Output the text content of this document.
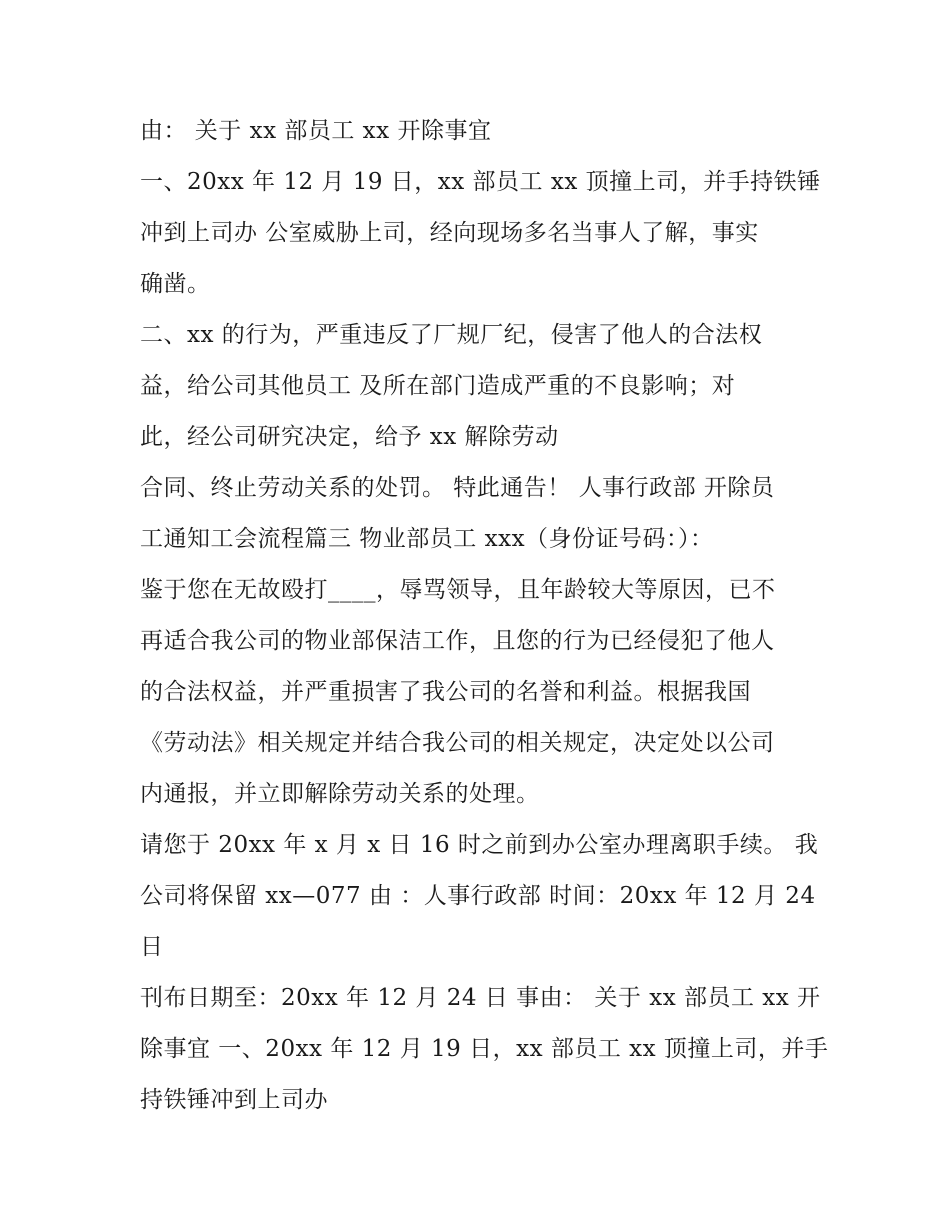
由： 关于 xx 部员工 xx 开除事宜
一、20xx 年 12 月 19 日，xx 部员工 xx 顶撞上司，并手持铁锤
冲到上司办 公室威胁上司，经向现场多名当事人了解，事实
确凿。
二、xx 的行为，严重违反了厂规厂纪，侵害了他人的合法权
益，给公司其他员工 及所在部门造成严重的不良影响；对
此，经公司研究决定，给予 xx 解除劳动
合同、终止劳动关系的处罚。 特此通告！ 人事行政部 开除员
工通知工会流程篇三 物业部员工 xxx（身份证号码：）：
鉴于您在无故殴打____，辱骂领导，且年龄较大等原因，已不
再适合我公司的物业部保洁工作，且您的行为已经侵犯了他人
的合法权益，并严重损害了我公司的名誉和利益。根据我国
《劳动法》相关规定并结合我公司的相关规定，决定处以公司
内通报，并立即解除劳动关系的处理。
请您于 20xx 年 x 月 x 日 16 时之前到办公室办理离职手续。 我
公司将保留 xx—077 由 ：人事行政部 时间：20xx 年 12 月 24
日
刊布日期至：20xx 年 12 月 24 日 事由： 关于 xx 部员工 xx 开
除事宜 一、20xx 年 12 月 19 日，xx 部员工 xx 顶撞上司，并手
持铁锤冲到上司办
